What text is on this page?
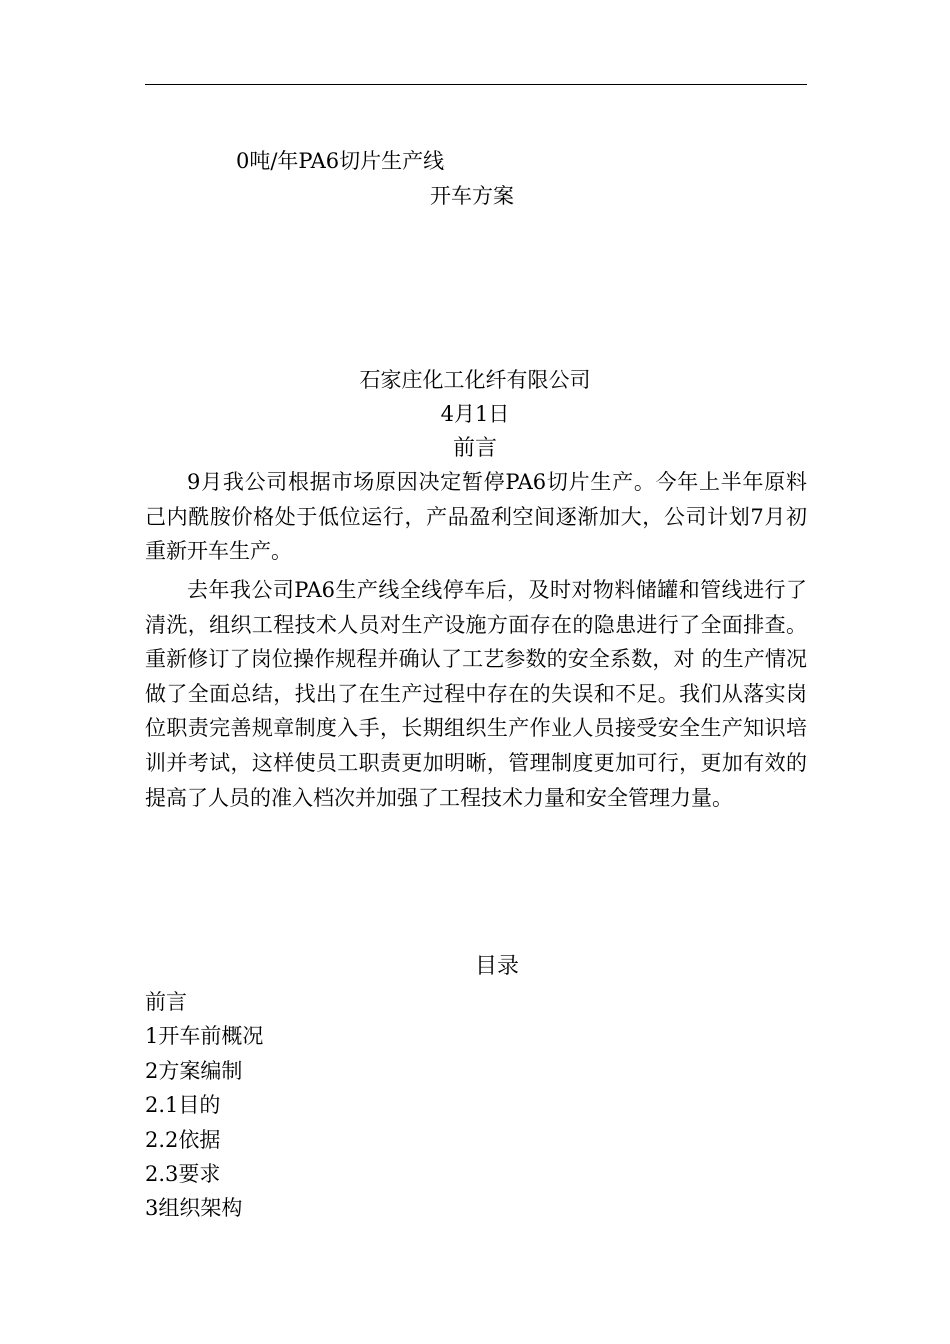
0吨/年PA6切片生产线
开车方案
石家庄化工化纤有限公司
4月1日
前言

9月我公司根据市场原因决定暂停PA6切片生产。今年上半年原料己内酰胺价格处于低位运行，产品盈利空间逐渐加大，公司计划7月初重新开车生产。

去年我公司PA6生产线全线停车后，及时对物料储罐和管线进行了清洗，组织工程技术人员对生产设施方面存在的隐患进行了全面排查。重新修订了岗位操作规程并确认了工艺参数的安全系数，对 的生产情况做了全面总结，找出了在生产过程中存在的失误和不足。我们从落实岗位职责完善规章制度入手，长期组织生产作业人员接受安全生产知识培训并考试，这样使员工职责更加明晰，管理制度更加可行，更加有效的提高了人员的准入档次并加强了工程技术力量和安全管理力量。

目录
前言
1开车前概况
2方案编制
2.1目的
2.2依据
2.3要求
3组织架构
